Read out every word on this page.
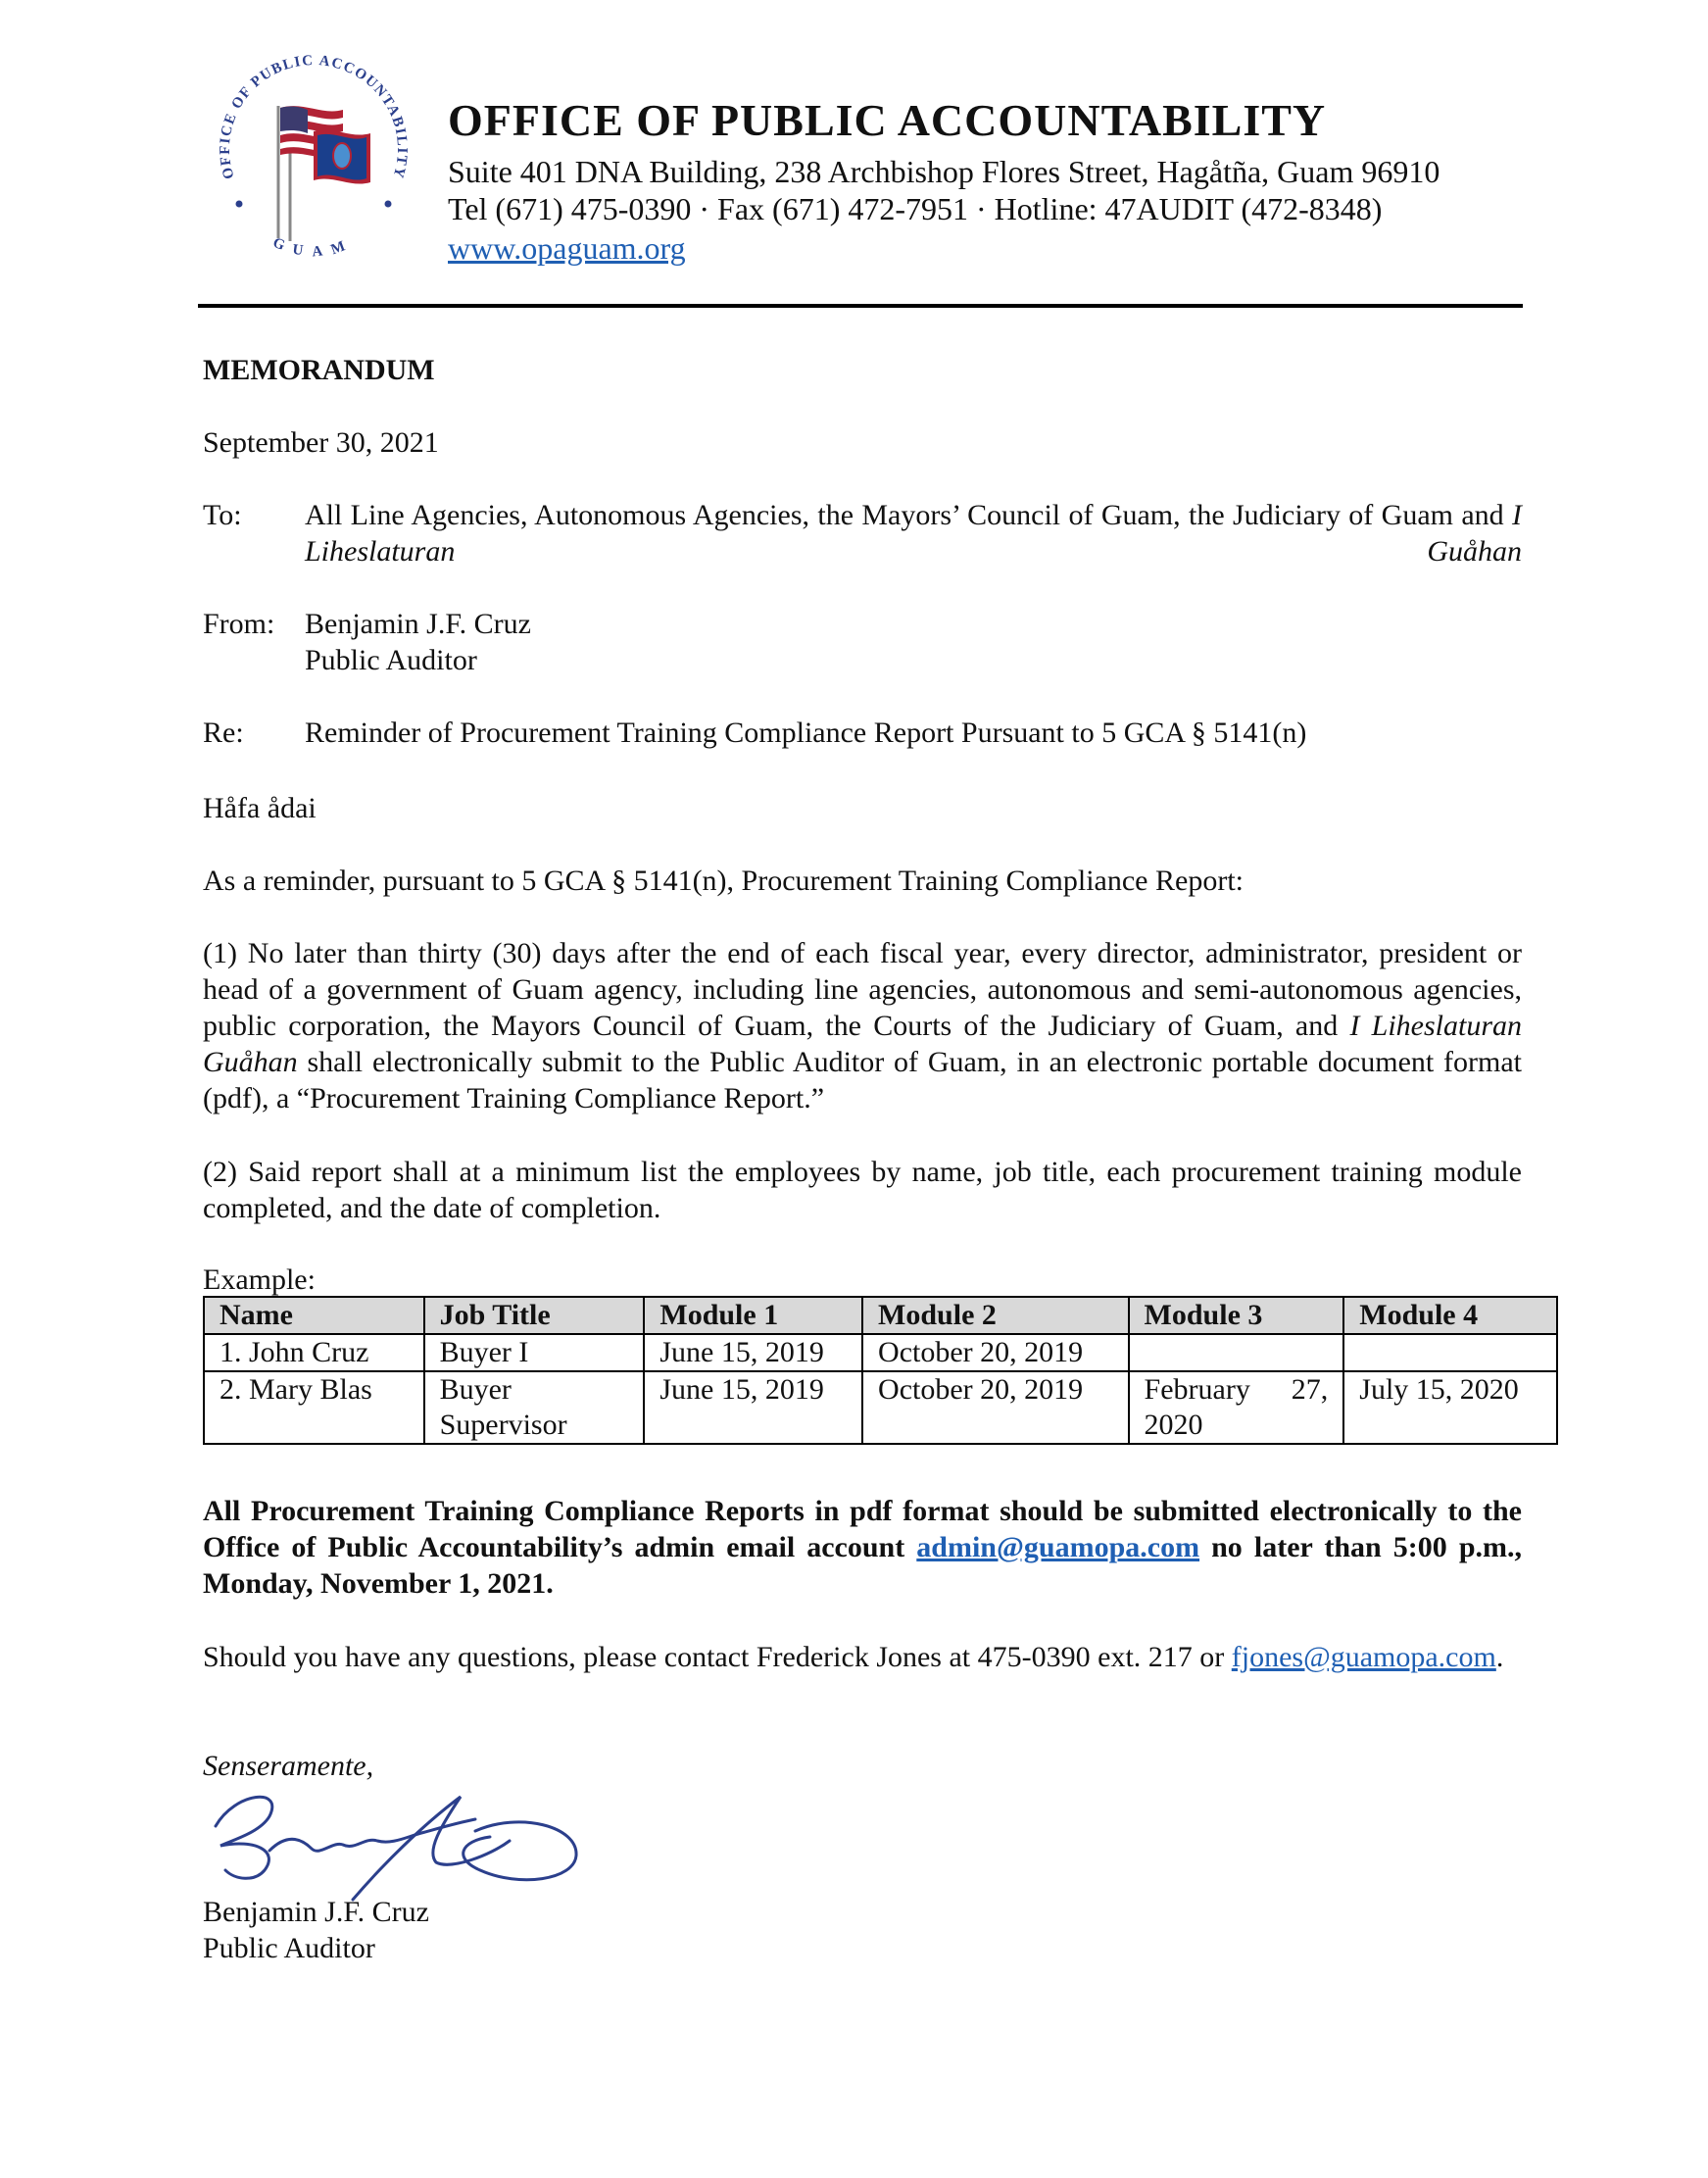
OFFICE OF PUBLIC ACCOUNTABILITY
GUAM
OFFICE OF PUBLIC ACCOUNTABILITY
Suite 401 DNA Building, 238 Archbishop Flores Street, Hagåtña, Guam 96910
Tel (671) 475-0390 · Fax (671) 472-7951 · Hotline: 47AUDIT (472-8348)
www.opaguam.org
MEMORANDUM
September 30, 2021
To: All Line Agencies, Autonomous Agencies, the Mayors’ Council of Guam, the Judiciary of Guam and I Liheslaturan Guåhan
From: Benjamin J.F. Cruz
Public Auditor
Re: Reminder of Procurement Training Compliance Report Pursuant to 5 GCA § 5141(n)
Håfa ådai
As a reminder, pursuant to 5 GCA § 5141(n), Procurement Training Compliance Report:
(1) No later than thirty (30) days after the end of each fiscal year, every director, administrator, president or head of a government of Guam agency, including line agencies, autonomous and semi-autonomous agencies, public corporation, the Mayors Council of Guam, the Courts of the Judiciary of Guam, and I Liheslaturan Guåhan shall electronically submit to the Public Auditor of Guam, in an electronic portable document format (pdf), a “Procurement Training Compliance Report.”
(2) Said report shall at a minimum list the employees by name, job title, each procurement training module completed, and the date of completion.
Example:
Name	Job Title	Module 1	Module 2	Module 3	Module 4
1. John Cruz	Buyer I	June 15, 2019	October 20, 2019		
2. Mary Blas	Buyer Supervisor	June 15, 2019	October 20, 2019	February 27, 2020	July 15, 2020
All Procurement Training Compliance Reports in pdf format should be submitted electronically to the Office of Public Accountability’s admin email account admin@guamopa.com no later than 5:00 p.m., Monday, November 1, 2021.
Should you have any questions, please contact Frederick Jones at 475-0390 ext. 217 or fjones@guamopa.com.
Senseramente,
Benjamin J.F. Cruz
Public Auditor
